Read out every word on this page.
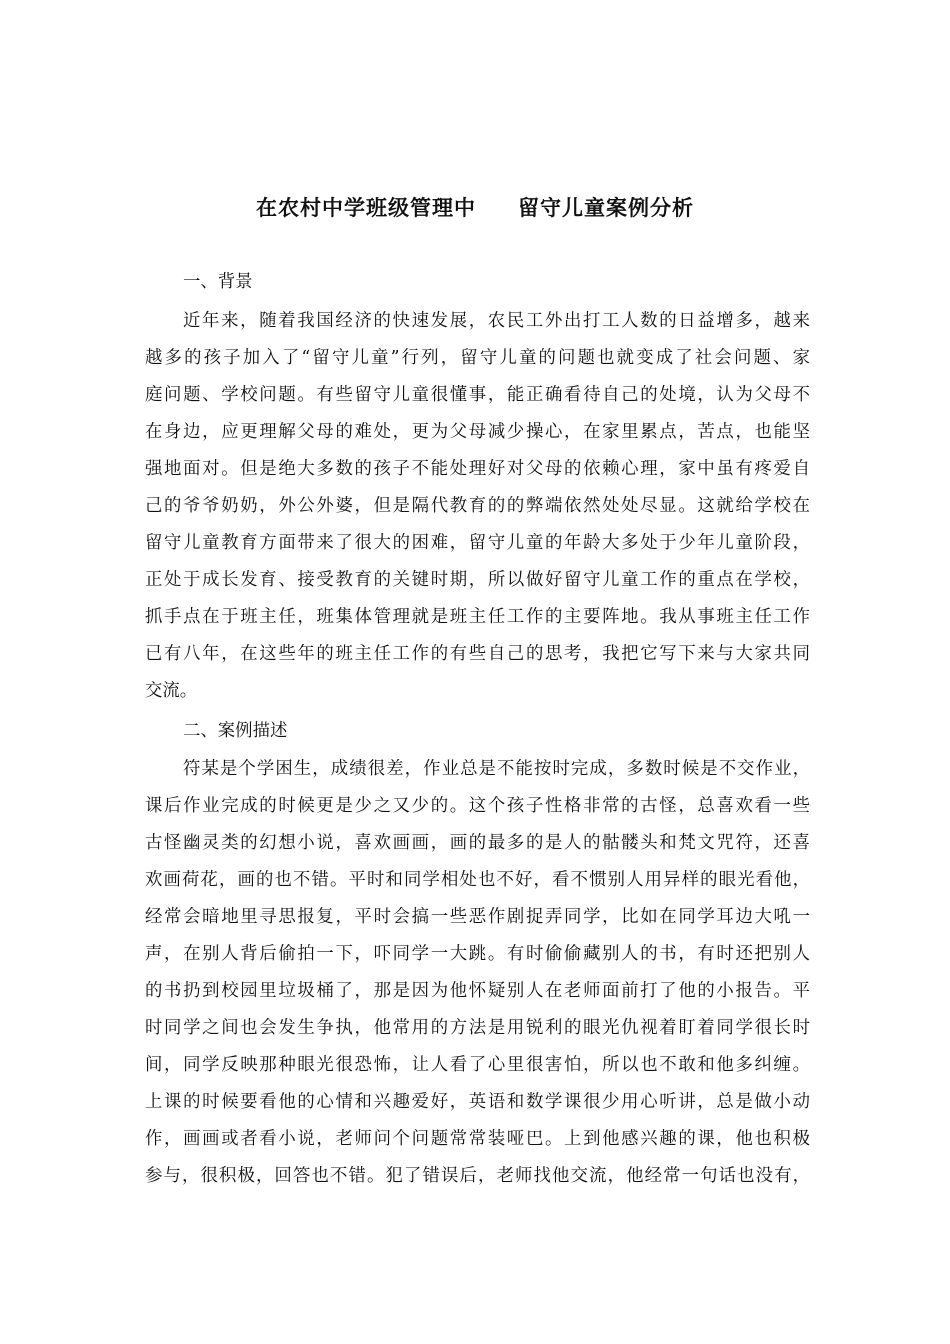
在农村中学班级管理中 留守儿童案例分析
一、背景
近年来，随着我国经济的快速发展，农民工外出打工人数的日益增多，越来
越多的孩子加入了“留守儿童”行列，留守儿童的问题也就变成了社会问题、家
庭问题、学校问题。有些留守儿童很懂事，能正确看待自己的处境，认为父母不
在身边，应更理解父母的难处，更为父母减少操心，在家里累点，苦点，也能坚
强地面对。但是绝大多数的孩子不能处理好对父母的依赖心理，家中虽有疼爱自
己的爷爷奶奶，外公外婆，但是隔代教育的的弊端依然处处尽显。这就给学校在
留守儿童教育方面带来了很大的困难，留守儿童的年龄大多处于少年儿童阶段，
正处于成长发育、接受教育的关键时期，所以做好留守儿童工作的重点在学校，
抓手点在于班主任，班集体管理就是班主任工作的主要阵地。我从事班主任工作
已有八年，在这些年的班主任工作的有些自己的思考，我把它写下来与大家共同
交流。
二、案例描述
符某是个学困生，成绩很差，作业总是不能按时完成，多数时候是不交作业，
课后作业完成的时候更是少之又少的。这个孩子性格非常的古怪，总喜欢看一些
古怪幽灵类的幻想小说，喜欢画画，画的最多的是人的骷髅头和梵文咒符，还喜
欢画荷花，画的也不错。平时和同学相处也不好，看不惯别人用异样的眼光看他，
经常会暗地里寻思报复，平时会搞一些恶作剧捉弄同学，比如在同学耳边大吼一
声，在别人背后偷拍一下，吓同学一大跳。有时偷偷藏别人的书，有时还把别人
的书扔到校园里垃圾桶了，那是因为他怀疑别人在老师面前打了他的小报告。平
时同学之间也会发生争执，他常用的方法是用锐利的眼光仇视着盯着同学很长时
间，同学反映那种眼光很恐怖，让人看了心里很害怕，所以也不敢和他多纠缠。
上课的时候要看他的心情和兴趣爱好，英语和数学课很少用心听讲，总是做小动
作，画画或者看小说，老师问个问题常常装哑巴。上到他感兴趣的课，他也积极
参与，很积极，回答也不错。犯了错误后，老师找他交流，他经常一句话也没有，
